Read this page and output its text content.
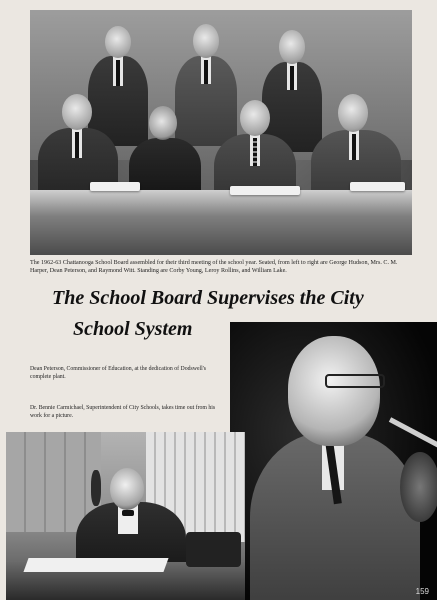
The 1962-63 Chattanooga School Board assembled for their third meeting of the school year. Seated, from left to right are George Hudson, Mrs. C. M. Harper, Dean Peterson, and Raymond Witt. Standing are Corby Young, Leroy Rollins, and William Lake.
The School Board Supervises the City
School System
Dean Peterson, Commissioner of Education, at the dedication of Dodswell's complete plant.
Dr. Bennie Carmichael, Superintendent of City Schools, takes time out from his work for a picture.
159
